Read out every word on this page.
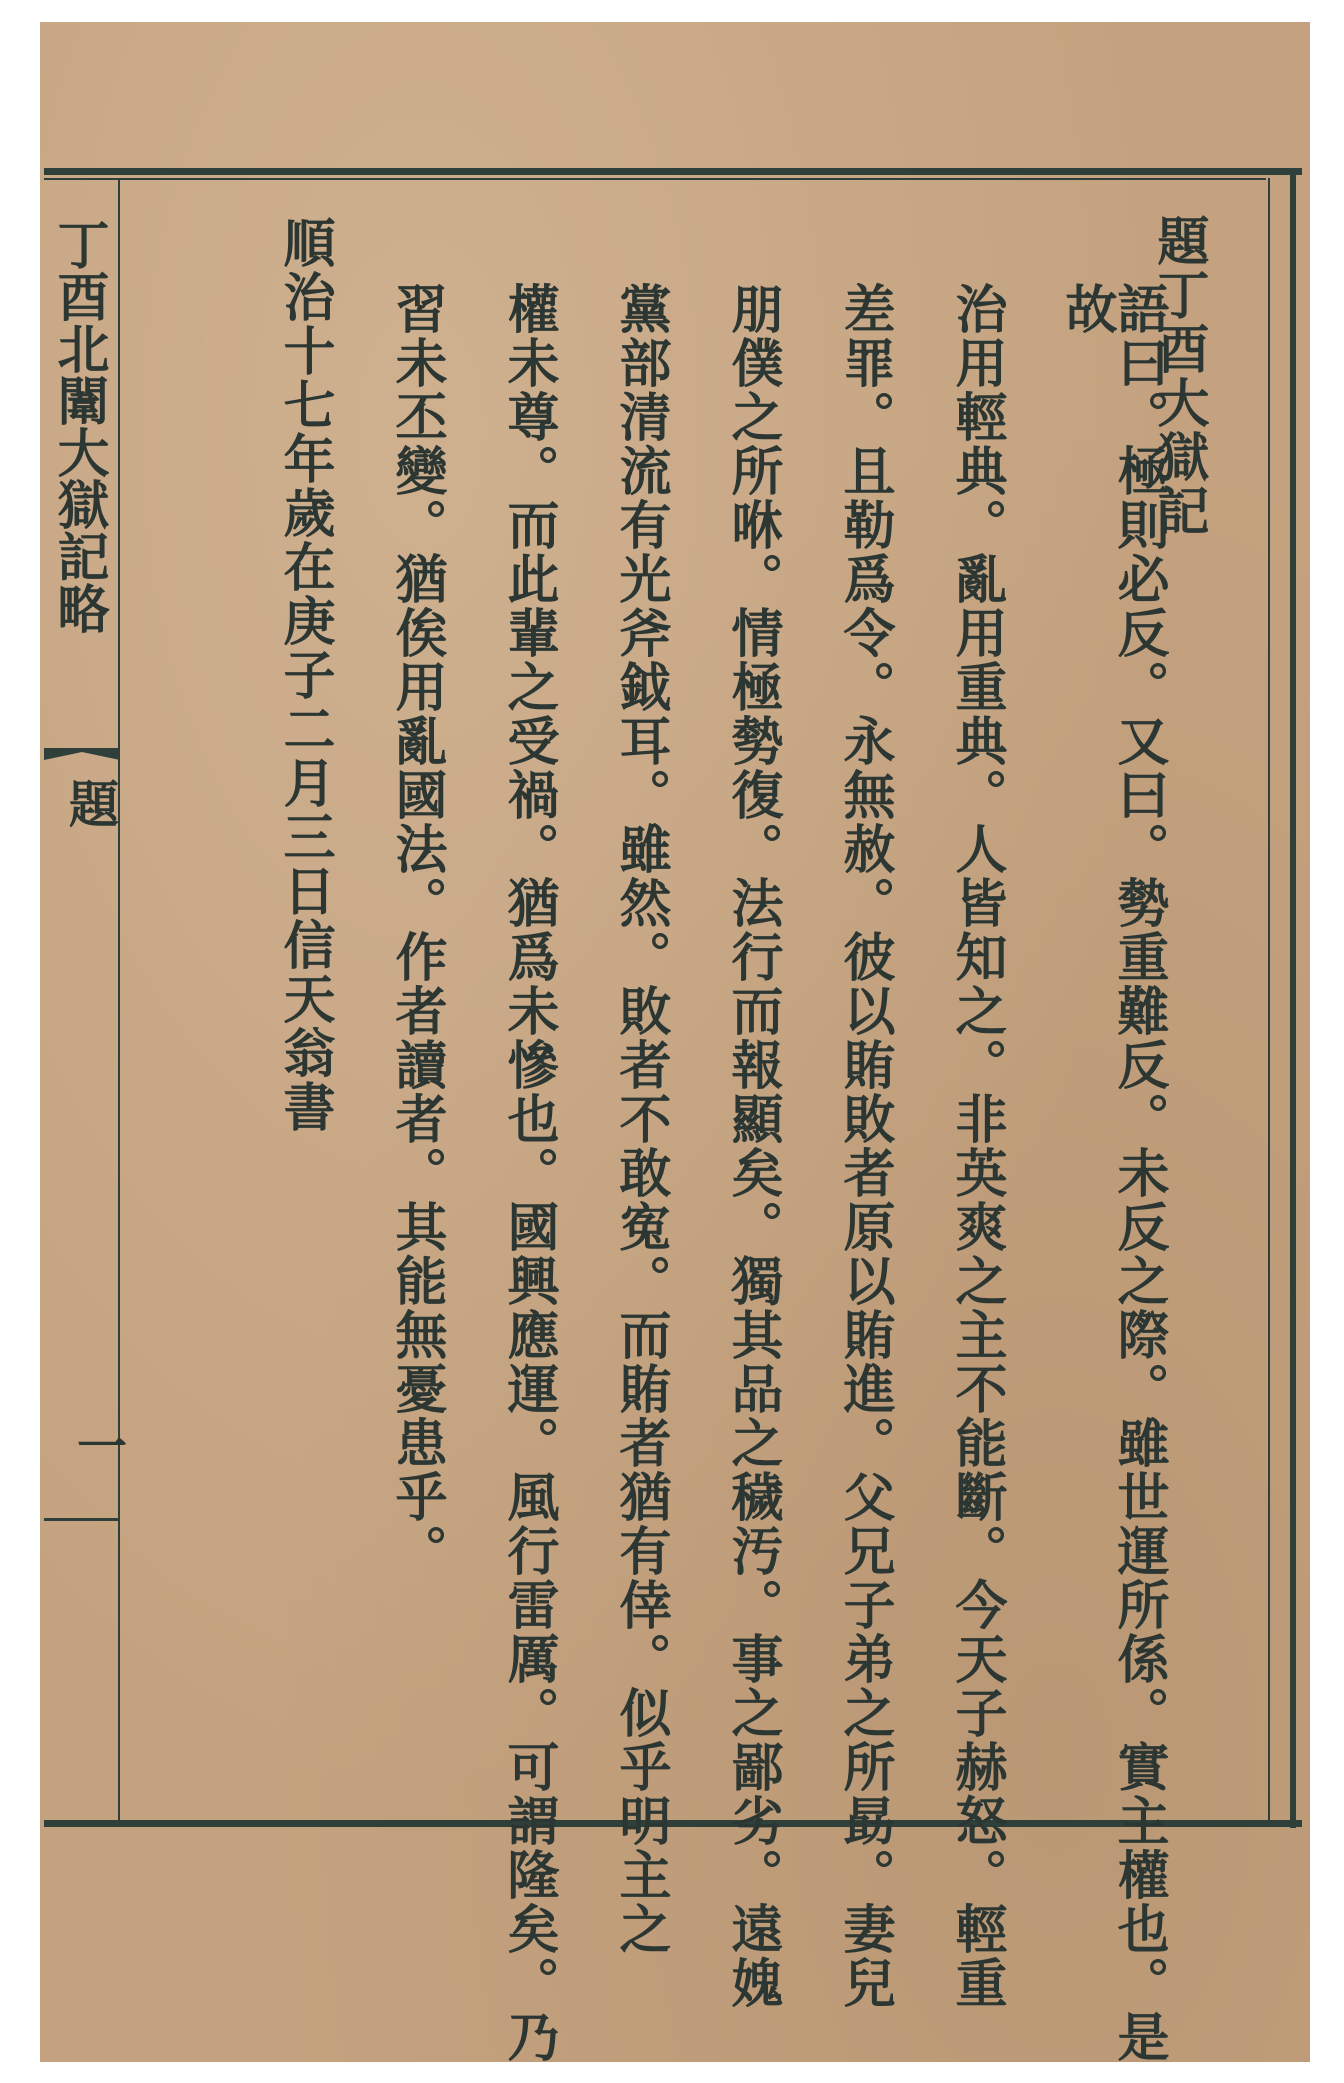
丁酉北闈大獄記略
題
一
題丁酉大獄記
語曰。極則必反。又曰。勢重難反。未反之際。雖世運所係。實主權也。是故
治用輕典。亂用重典。人皆知之。非英爽之主不能斷。今天子赫怒。輕重
差罪。且勒爲令。永無赦。彼以賄敗者原以賄進。父兄子弟之所勗。妻兒
朋僕之所咻。情極勢復。法行而報顯矣。獨其品之穢汚。事之鄙劣。遠媿
黨部清流有光斧鉞耳。雖然。敗者不敢寃。而賄者猶有倖。似乎明主之
權未尊。而此輩之受禍。猶爲未慘也。國興應運。風行雷厲。可謂隆矣。乃
習未丕變。猶俟用亂國法。作者讀者。其能無憂患乎。
順治十七年歲在庚子二月三日信天翁書
